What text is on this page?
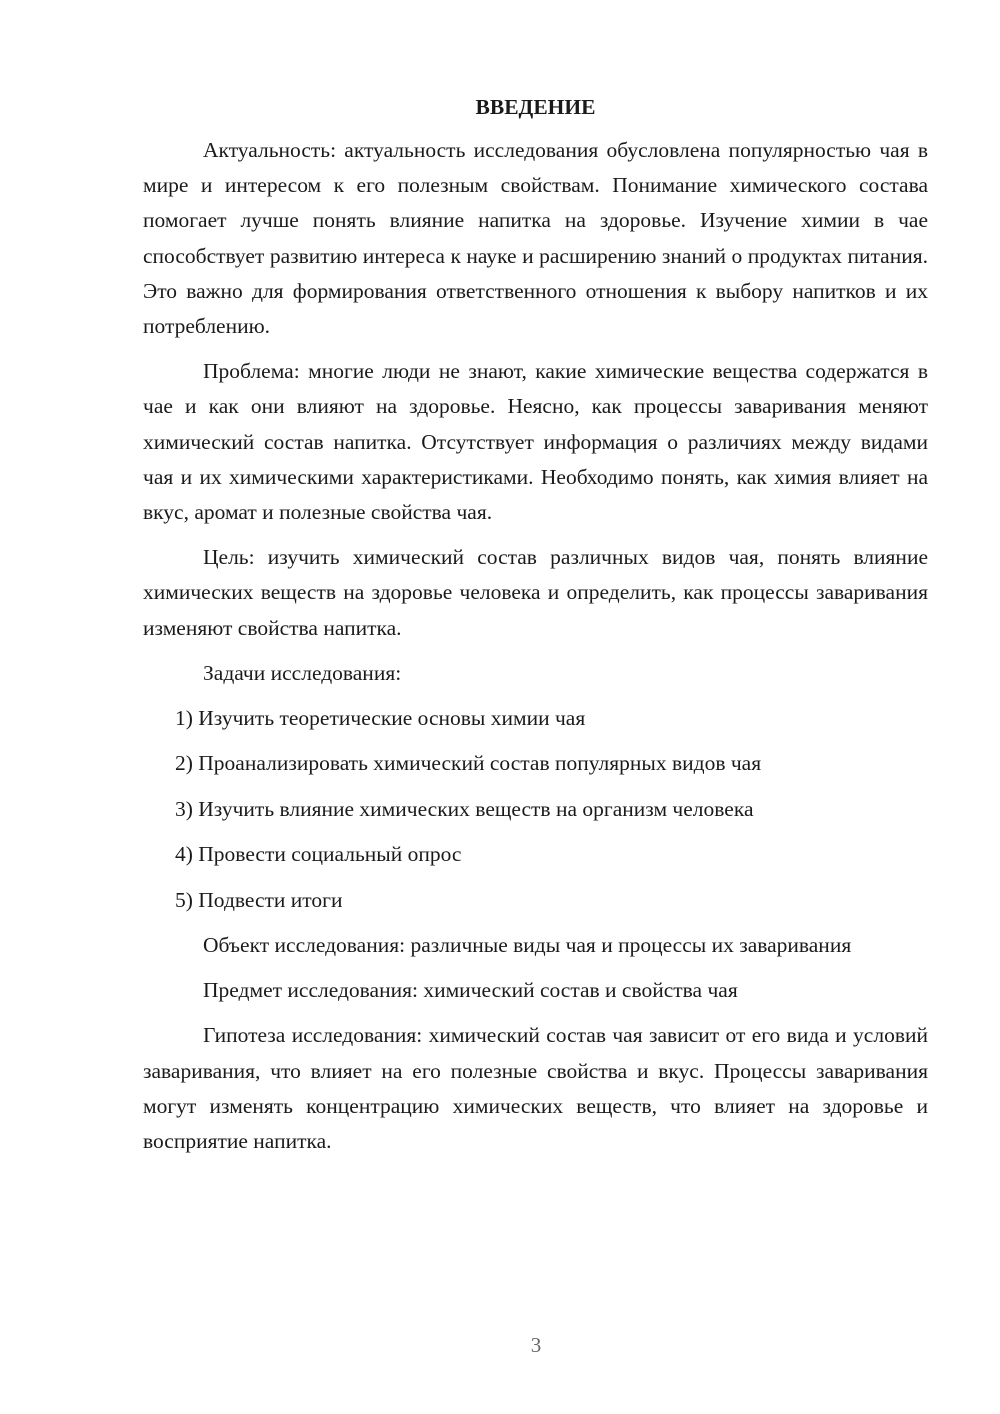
ВВЕДЕНИЕ

Актуальность: актуальность исследования обусловлена популярностью чая в мире и интересом к его полезным свойствам. Понимание химического состава помогает лучше понять влияние напитка на здоровье. Изучение химии в чае способствует развитию интереса к науке и расширению знаний о продуктах питания. Это важно для формирования ответственного отношения к выбору напитков и их потреблению.

Проблема: многие люди не знают, какие химические вещества содержатся в чае и как они влияют на здоровье. Неясно, как процессы заваривания меняют химический состав напитка. Отсутствует информация о различиях между видами чая и их химическими характеристиками. Необходимо понять, как химия влияет на вкус, аромат и полезные свойства чая.

Цель: изучить химический состав различных видов чая, понять влияние химических веществ на здоровье человека и определить, как процессы заваривания изменяют свойства напитка.

Задачи исследования:

1) Изучить теоретические основы химии чая
2) Проанализировать химический состав популярных видов чая
3) Изучить влияние химических веществ на организм человека
4) Провести социальный опрос
5) Подвести итоги

Объект исследования: различные виды чая и процессы их заваривания

Предмет исследования: химический состав и свойства чая

Гипотеза исследования: химический состав чая зависит от его вида и условий заваривания, что влияет на его полезные свойства и вкус. Процессы заваривания могут изменять концентрацию химических веществ, что влияет на здоровье и восприятие напитка.

3
